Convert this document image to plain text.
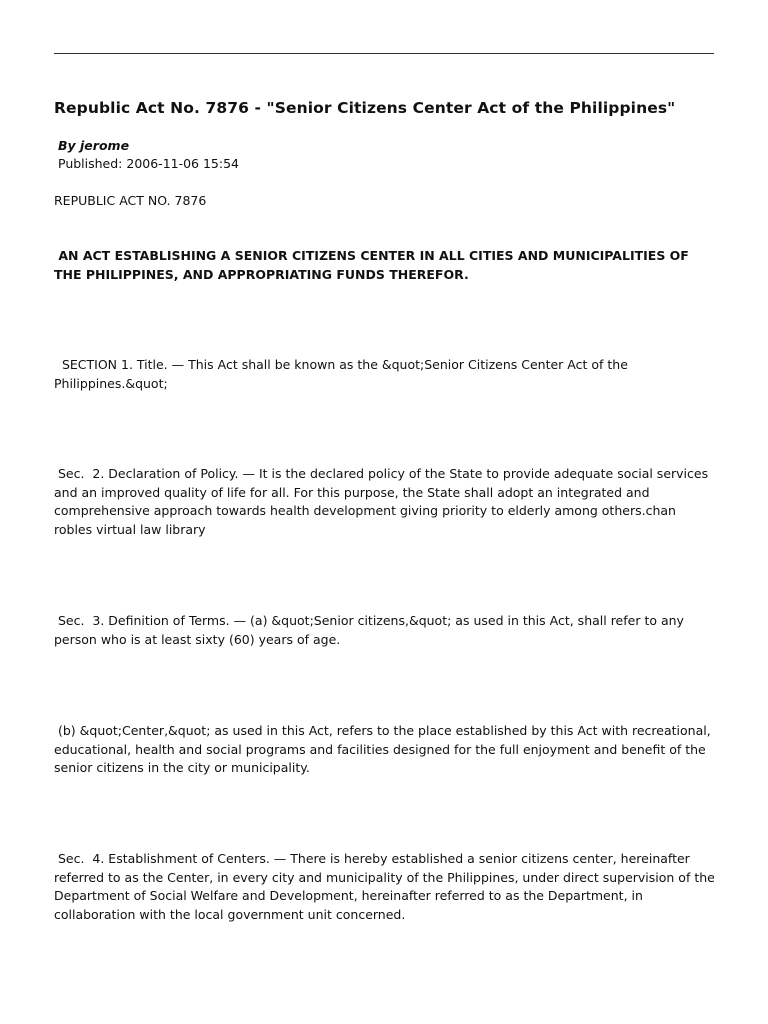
Republic Act No. 7876 - "Senior Citizens Center Act of the Philippines"
By jerome
Published: 2006-11-06 15:54
REPUBLIC ACT NO. 7876
AN ACT ESTABLISHING A SENIOR CITIZENS CENTER IN ALL CITIES AND MUNICIPALITIES OF THE PHILIPPINES, AND APPROPRIATING FUNDS THEREFOR.

SECTION 1. Title. — This Act shall be known as the &quot;Senior Citizens Center Act of the Philippines.&quot;

Sec.  2. Declaration of Policy. — It is the declared policy of the State to provide adequate social services and an improved quality of life for all. For this purpose, the State shall adopt an integrated and comprehensive approach towards health development giving priority to elderly among others.chan robles virtual law library

Sec.  3. Definition of Terms. — (a) &quot;Senior citizens,&quot; as used in this Act, shall refer to any person who is at least sixty (60) years of age.

(b) &quot;Center,&quot; as used in this Act, refers to the place established by this Act with recreational, educational, health and social programs and facilities designed for the full enjoyment and benefit of the senior citizens in the city or municipality.

Sec.  4. Establishment of Centers. — There is hereby established a senior citizens center, hereinafter referred to as the Center, in every city and municipality of the Philippines, under direct supervision of the Department of Social Welfare and Development, hereinafter referred to as the Department, in collaboration with the local government unit concerned.
